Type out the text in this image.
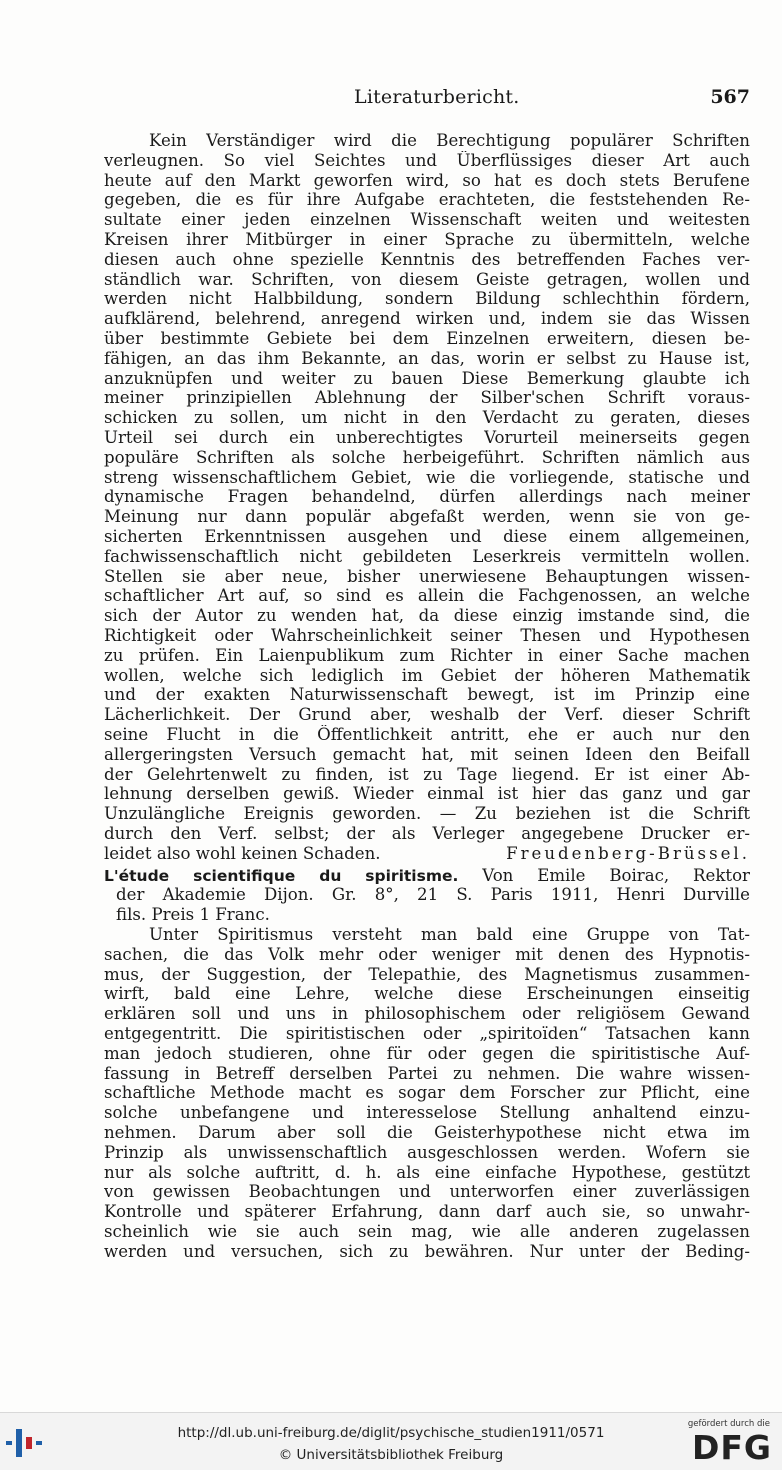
Literaturbericht.	567
Kein Verständiger wird die Berechtigung populärer Schriften
verleugnen. So viel Seichtes und Überflüssiges dieser Art auch
heute auf den Markt geworfen wird, so hat es doch stets Berufene
gegeben, die es für ihre Aufgabe erachteten, die feststehenden Re-
sultate einer jeden einzelnen Wissenschaft weiten und weitesten
Kreisen ihrer Mitbürger in einer Sprache zu übermitteln, welche
diesen auch ohne spezielle Kenntnis des betreffenden Faches ver-
ständlich war. Schriften, von diesem Geiste getragen, wollen und
werden nicht Halbbildung, sondern Bildung schlechthin fördern,
aufklärend, belehrend, anregend wirken und, indem sie das Wissen
über bestimmte Gebiete bei dem Einzelnen erweitern, diesen be-
fähigen, an das ihm Bekannte, an das, worin er selbst zu Hause ist,
anzuknüpfen und weiter zu bauen Diese Bemerkung glaubte ich
meiner prinzipiellen Ablehnung der Silber'schen Schrift voraus-
schicken zu sollen, um nicht in den Verdacht zu geraten, dieses
Urteil sei durch ein unberechtigtes Vorurteil meinerseits gegen
populäre Schriften als solche herbeigeführt. Schriften nämlich aus
streng wissenschaftlichem Gebiet, wie die vorliegende, statische und
dynamische Fragen behandelnd, dürfen allerdings nach meiner
Meinung nur dann populär abgefaßt werden, wenn sie von ge-
sicherten Erkenntnissen ausgehen und diese einem allgemeinen,
fachwissenschaftlich nicht gebildeten Leserkreis vermitteln wollen.
Stellen sie aber neue, bisher unerwiesene Behauptungen wissen-
schaftlicher Art auf, so sind es allein die Fachgenossen, an welche
sich der Autor zu wenden hat, da diese einzig imstande sind, die
Richtigkeit oder Wahrscheinlichkeit seiner Thesen und Hypothesen
zu prüfen. Ein Laienpublikum zum Richter in einer Sache machen
wollen, welche sich lediglich im Gebiet der höheren Mathematik
und der exakten Naturwissenschaft bewegt, ist im Prinzip eine
Lächerlichkeit. Der Grund aber, weshalb der Verf. dieser Schrift
seine Flucht in die Öffentlichkeit antritt, ehe er auch nur den
allergeringsten Versuch gemacht hat, mit seinen Ideen den Beifall
der Gelehrtenwelt zu finden, ist zu Tage liegend. Er ist einer Ab-
lehnung derselben gewiß. Wieder einmal ist hier das ganz und gar
Unzulängliche Ereignis geworden. — Zu beziehen ist die Schrift
durch den Verf. selbst; der als Verleger angegebene Drucker er-
leidet also wohl keinen Schaden.	Freudenberg-Brüssel.
L'étude scientifique du spiritisme. Von Emile Boirac, Rektor
der Akademie Dijon. Gr. 8°, 21 S. Paris 1911, Henri Durville
fils. Preis 1 Franc.
Unter Spiritismus versteht man bald eine Gruppe von Tat-
sachen, die das Volk mehr oder weniger mit denen des Hypnotis-
mus, der Suggestion, der Telepathie, des Magnetismus zusammen-
wirft, bald eine Lehre, welche diese Erscheinungen einseitig
erklären soll und uns in philosophischem oder religiösem Gewand
entgegentritt. Die spiritistischen oder „spiritoïden“ Tatsachen kann
man jedoch studieren, ohne für oder gegen die spiritistische Auf-
fassung in Betreff derselben Partei zu nehmen. Die wahre wissen-
schaftliche Methode macht es sogar dem Forscher zur Pflicht, eine
solche unbefangene und interesselose Stellung anhaltend einzu-
nehmen. Darum aber soll die Geisterhypothese nicht etwa im
Prinzip als unwissenschaftlich ausgeschlossen werden. Wofern sie
nur als solche auftritt, d. h. als eine einfache Hypothese, gestützt
von gewissen Beobachtungen und unterworfen einer zuverlässigen
Kontrolle und späterer Erfahrung, dann darf auch sie, so unwahr-
scheinlich wie sie auch sein mag, wie alle anderen zugelassen
werden und versuchen, sich zu bewähren. Nur unter der Beding-
http://dl.ub.uni-freiburg.de/diglit/psychische_studien1911/0571
© Universitätsbibliothek Freiburg
gefördert durch die
DFG
